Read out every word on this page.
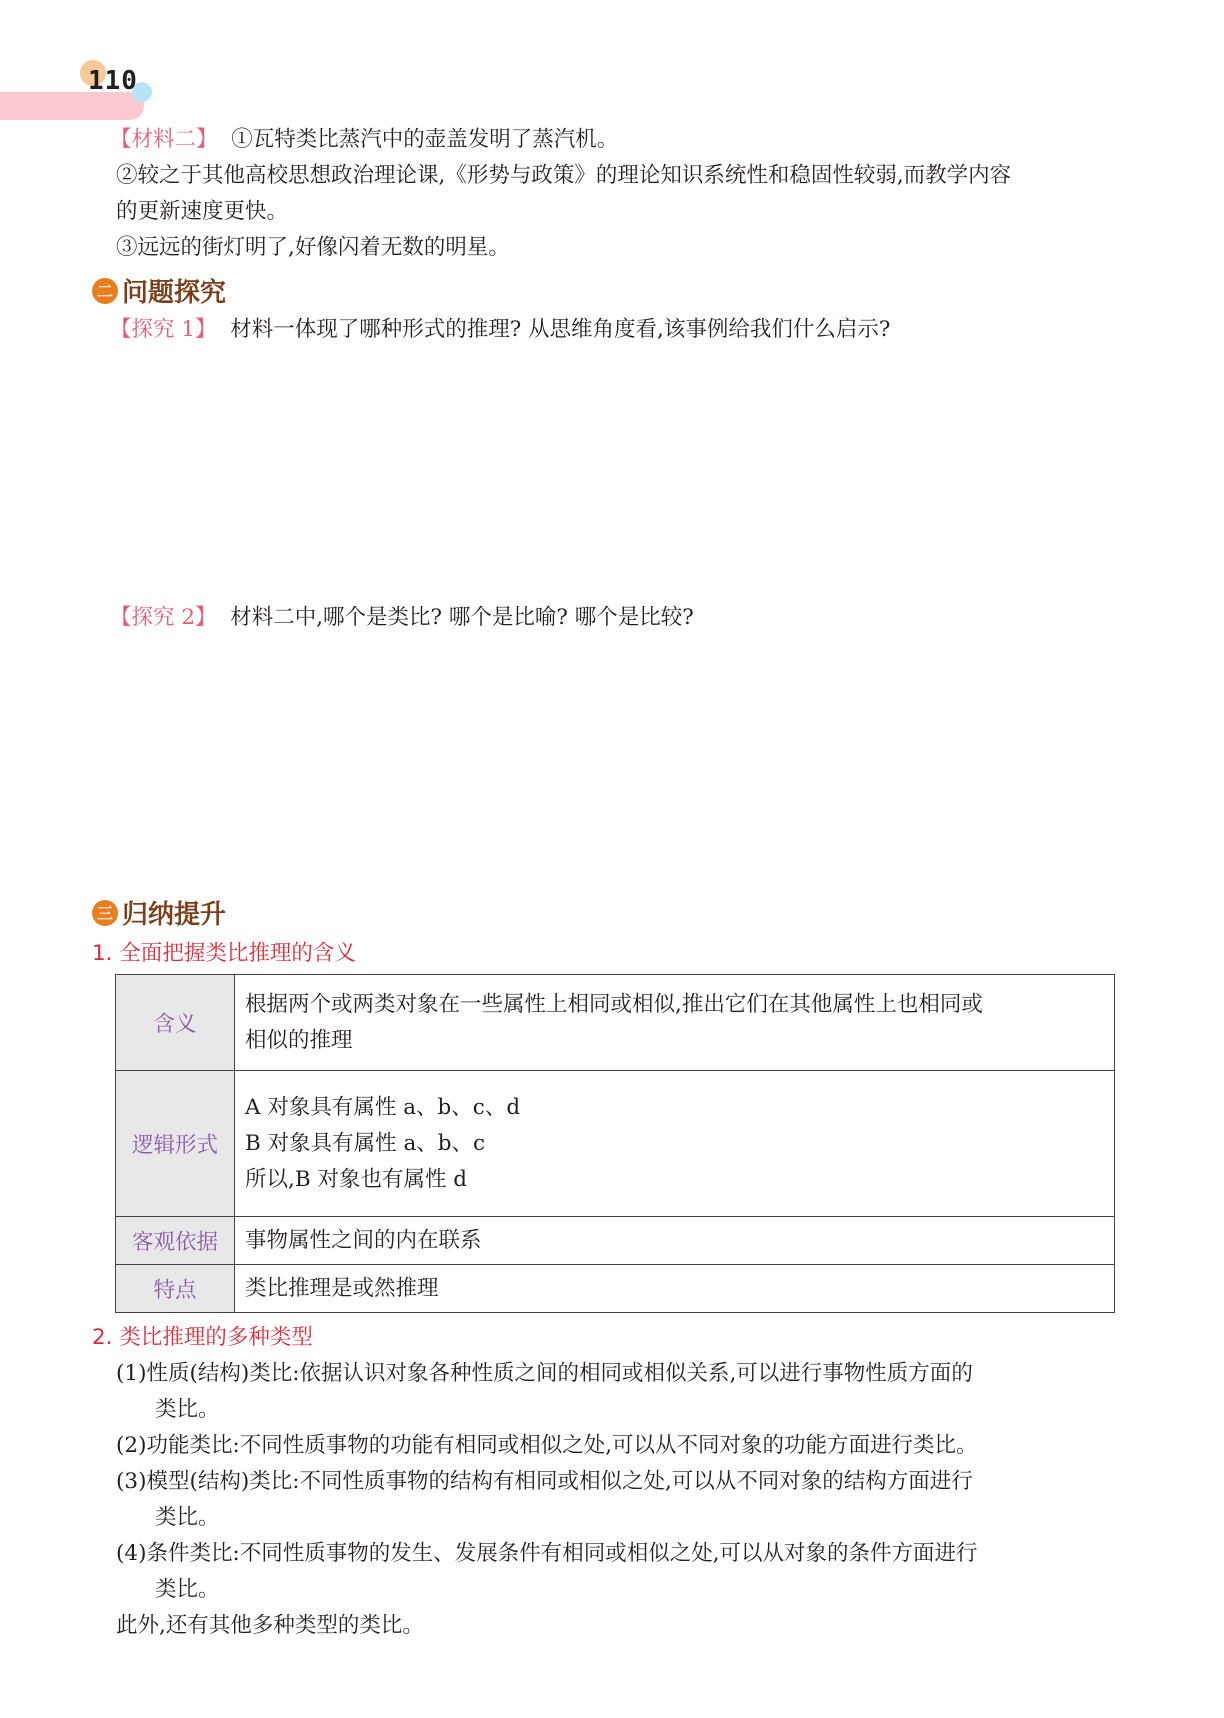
110
【材料二】 ①瓦特类比蒸汽中的壶盖发明了蒸汽机。
②较之于其他高校思想政治理论课,《形势与政策》的理论知识系统性和稳固性较弱,而教学内容
的更新速度更快。
③远远的街灯明了,好像闪着无数的明星。
二 问题探究
【探究 1】 材料一体现了哪种形式的推理? 从思维角度看,该事例给我们什么启示?
【探究 2】 材料二中,哪个是类比? 哪个是比喻? 哪个是比较?
三 归纳提升
1. 全面把握类比推理的含义
含义	根据两个或两类对象在一些属性上相同或相似,推出它们在其他属性上也相同或
相似的推理

逻辑形式	A 对象具有属性 a、b、c、d
B 对象具有属性 a、b、c
所以,B 对象也有属性 d

客观依据	事物属性之间的内在联系
特点	类比推理是或然推理
2. 类比推理的多种类型
(1)性质(结构)类比:依据认识对象各种性质之间的相同或相似关系,可以进行事物性质方面的
类比。
(2)功能类比:不同性质事物的功能有相同或相似之处,可以从不同对象的功能方面进行类比。
(3)模型(结构)类比:不同性质事物的结构有相同或相似之处,可以从不同对象的结构方面进行
类比。
(4)条件类比:不同性质事物的发生、发展条件有相同或相似之处,可以从对象的条件方面进行
类比。
此外,还有其他多种类型的类比。
